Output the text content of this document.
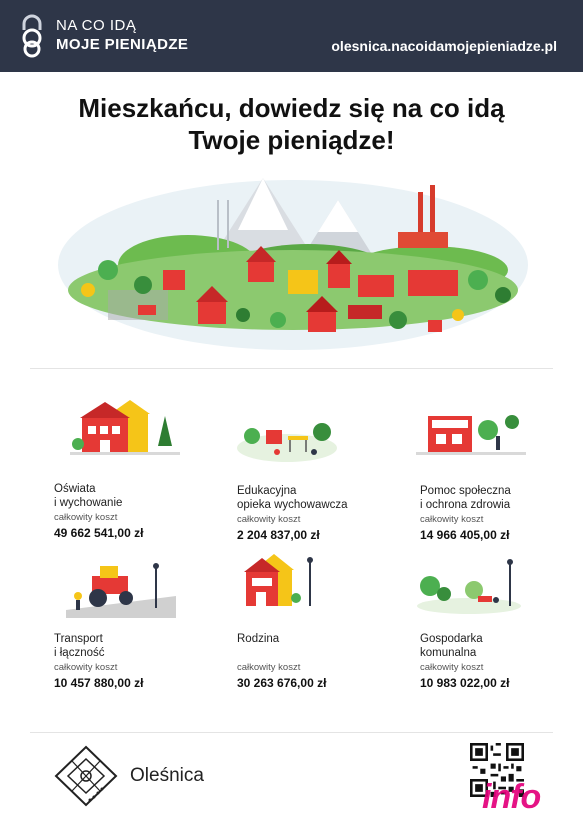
NA CO IDĄ
MOJE PIENIĄDZE	olesnica.nacoidamojepieniadze.pl
Mieszkańcu, dowiedz się na co idą
Twoje pieniądze!
Oświata
i wychowanie
całkowity koszt
49 662 541,00 zł
Edukacyjna
opieka wychowawcza
całkowity koszt
2 204 837,00 zł
Pomoc społeczna
i ochrona zdrowia
całkowity koszt
14 966 405,00 zł
Transport
i łączność
całkowity koszt
10 457 880,00 zł
Rodzina
całkowity koszt
30 263 676,00 zł
Gospodarka
komunalna
całkowity koszt
10 983 022,00 zł
Oleśnica
info
